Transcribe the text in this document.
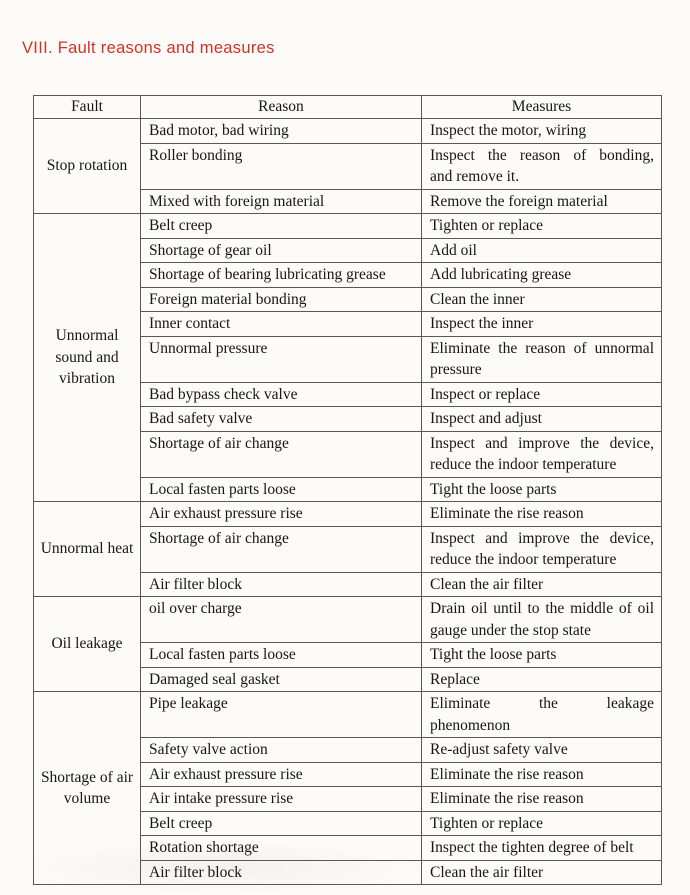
VIII. Fault reasons and measures
Fault	Reason	Measures
Stop rotation	Bad motor, bad wiring	Inspect the motor, wiring
	Roller bonding	Inspect the reason of bonding,
and remove it.

	Mixed with foreign material	Remove the foreign material
Unnormal sound and vibration	Belt creep	Tighten or replace
	Shortage of gear oil	Add oil
	Shortage of bearing lubricating grease	Add lubricating grease
	Foreign material bonding	Clean the inner
	Inner contact	Inspect the inner
	Unnormal pressure	Eliminate the reason of unnormal
pressure

	Bad bypass check valve	Inspect or replace
	Bad safety valve	Inspect and adjust
	Shortage of air change	Inspect and improve the device,
reduce the indoor temperature

	Local fasten parts loose	Tight the loose parts
Unnormal heat	Air exhaust pressure rise	Eliminate the rise reason
	Shortage of air change	Inspect and improve the device,
reduce the indoor temperature

	Air filter block	Clean the air filter
Oil leakage	oil over charge	Drain oil until to the middle of oil
gauge under the stop state

	Local fasten parts loose	Tight the loose parts
	Damaged seal gasket	Replace
Shortage of air volume	Pipe leakage	Eliminate the leakage
phenomenon

	Safety valve action	Re-adjust safety valve
	Air exhaust pressure rise	Eliminate the rise reason
	Air intake pressure rise	Eliminate the rise reason
	Belt creep	Tighten or replace
	Rotation shortage	Inspect the tighten degree of belt
	Air filter block	Clean the air filter
